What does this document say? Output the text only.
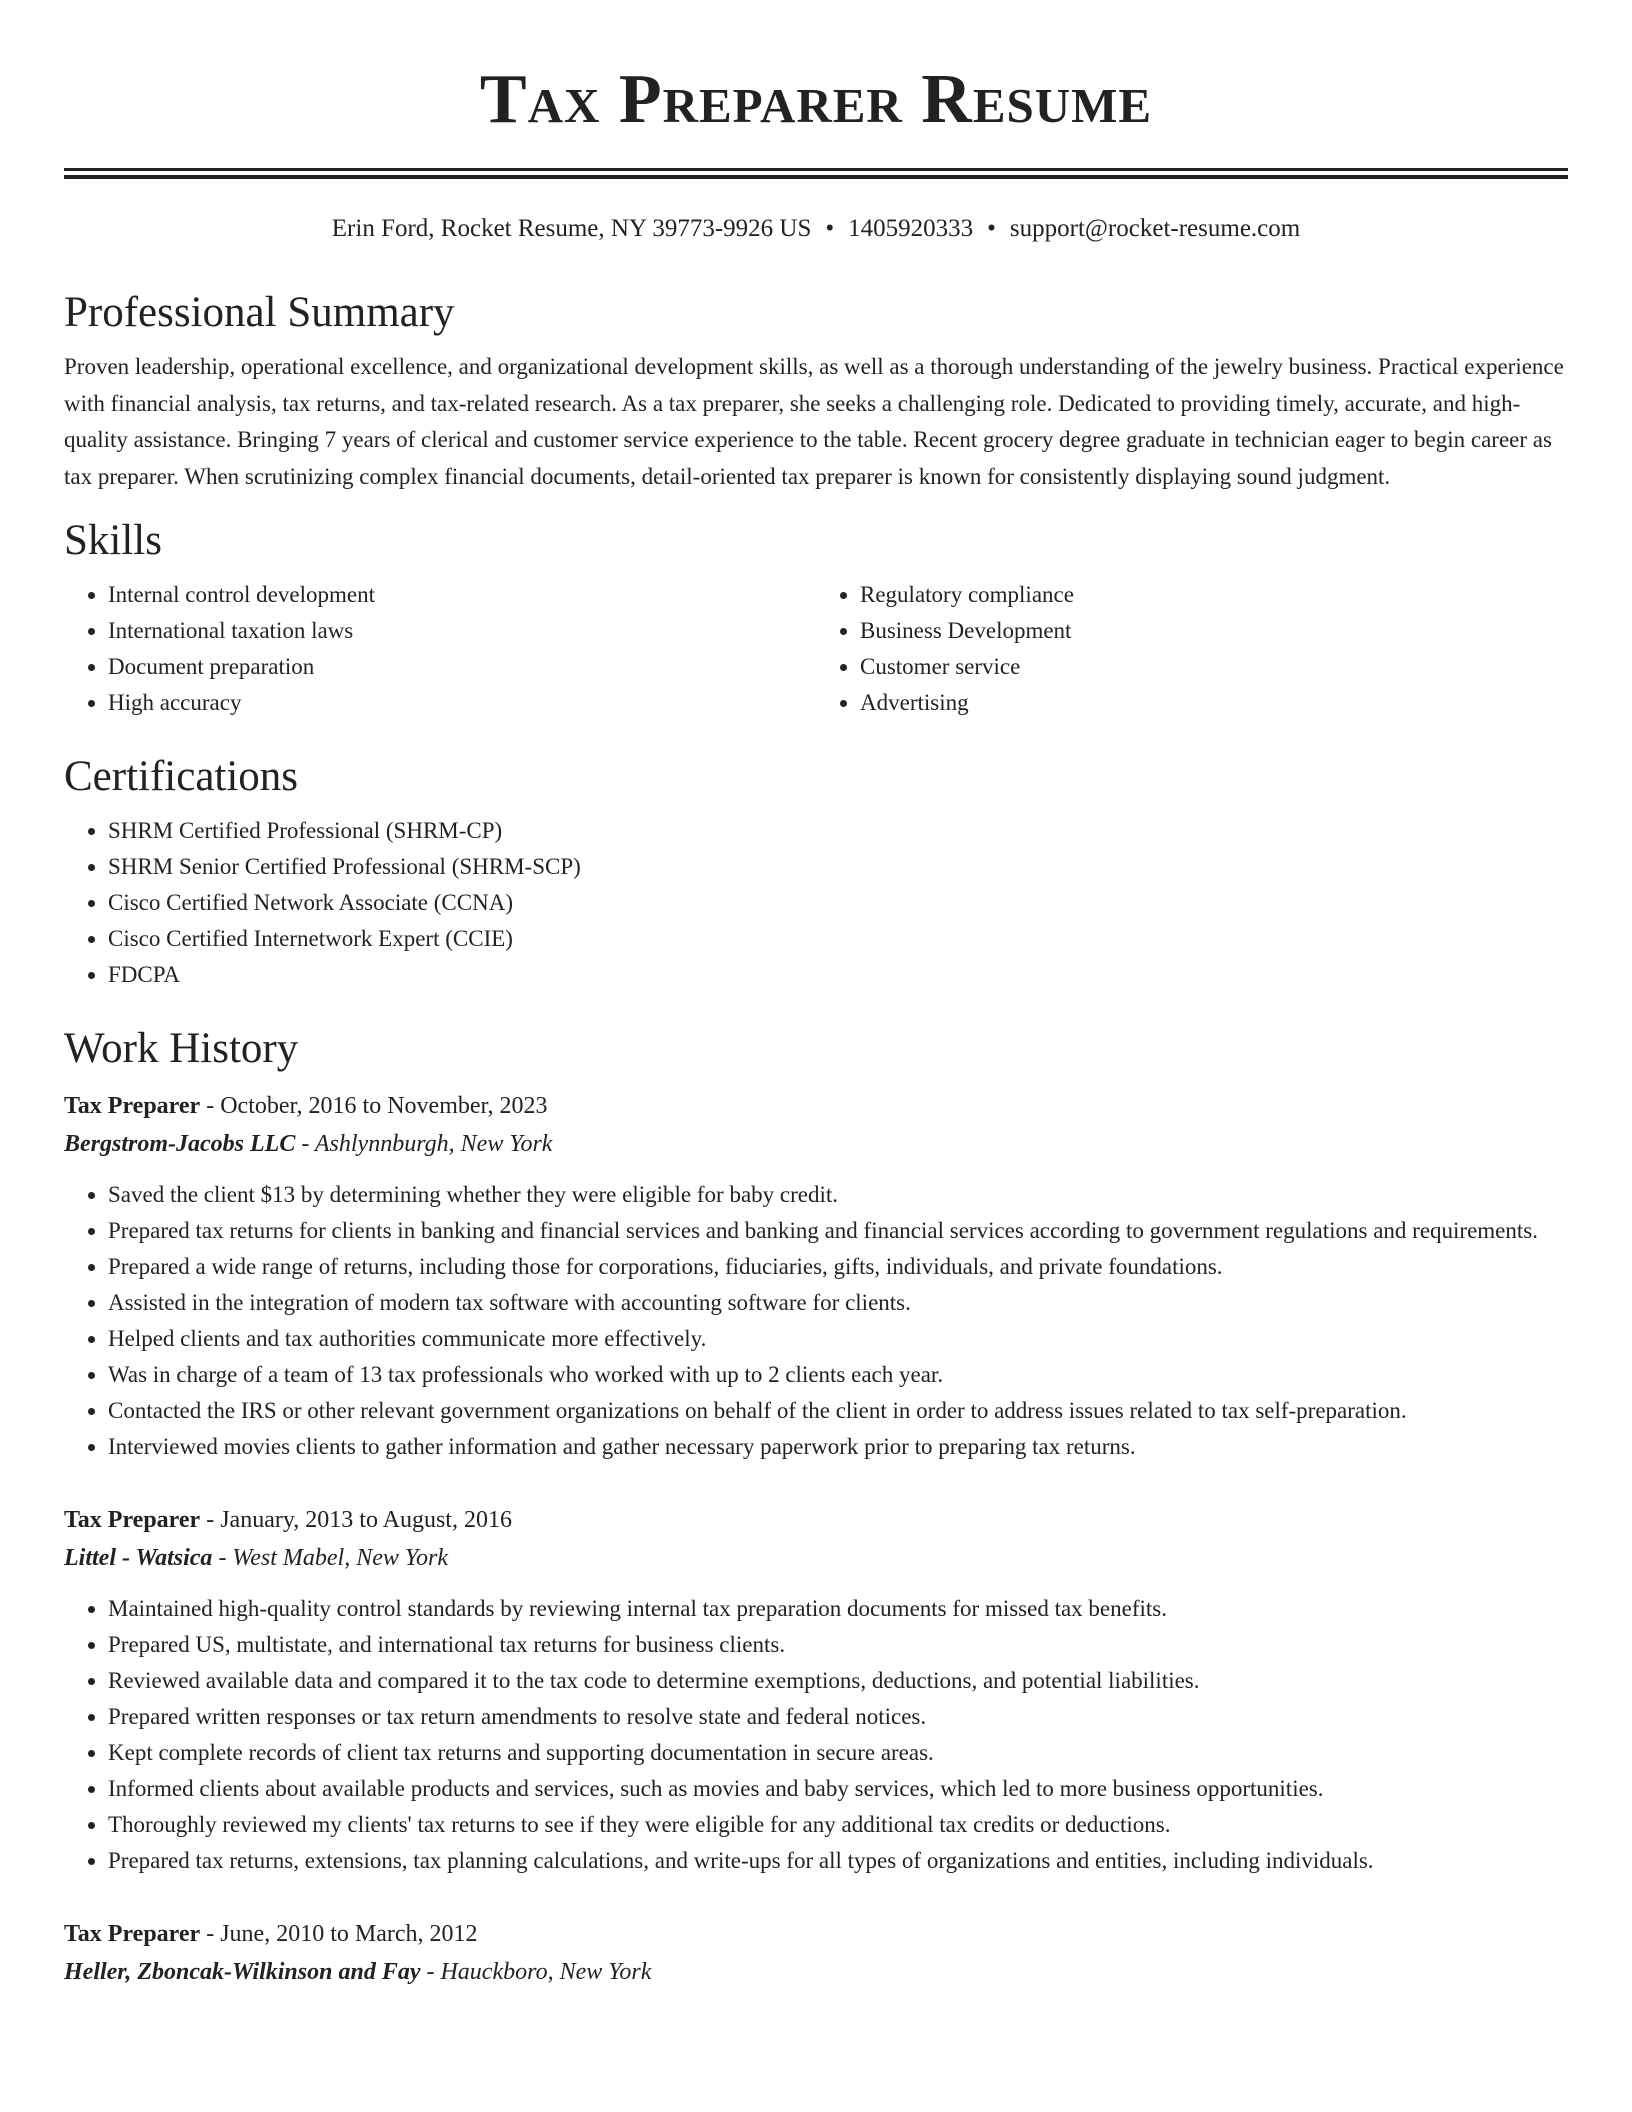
Tax Preparer Resume
Erin Ford, Rocket Resume, NY 39773-9926 US • 1405920333 • support@rocket-resume.com
Professional Summary

Proven leadership, operational excellence, and organizational development skills, as well as a thorough understanding of the jewelry business. Practical experience with financial analysis, tax returns, and tax-related research. As a tax preparer, she seeks a challenging role. Dedicated to providing timely, accurate, and high-quality assistance. Bringing 7 years of clerical and customer service experience to the table. Recent grocery degree graduate in technician eager to begin career as tax preparer. When scrutinizing complex financial documents, detail-oriented tax preparer is known for consistently displaying sound judgment.

Skills
• Internal control development
• International taxation laws
• Document preparation
• High accuracy
• Regulatory compliance
• Business Development
• Customer service
• Advertising
Certifications
• SHRM Certified Professional (SHRM-CP)
• SHRM Senior Certified Professional (SHRM-SCP)
• Cisco Certified Network Associate (CCNA)
• Cisco Certified Internetwork Expert (CCIE)
• FDCPA
Work History
Tax Preparer - October, 2016 to November, 2023
Bergstrom-Jacobs LLC - Ashlynnburgh, New York
• Saved the client $13 by determining whether they were eligible for baby credit.
• Prepared tax returns for clients in banking and financial services and banking and financial services according to government regulations and requirements.
• Prepared a wide range of returns, including those for corporations, fiduciaries, gifts, individuals, and private foundations.
• Assisted in the integration of modern tax software with accounting software for clients.
• Helped clients and tax authorities communicate more effectively.
• Was in charge of a team of 13 tax professionals who worked with up to 2 clients each year.
• Contacted the IRS or other relevant government organizations on behalf of the client in order to address issues related to tax self-preparation.
• Interviewed movies clients to gather information and gather necessary paperwork prior to preparing tax returns.
Tax Preparer - January, 2013 to August, 2016
Littel - Watsica - West Mabel, New York
• Maintained high-quality control standards by reviewing internal tax preparation documents for missed tax benefits.
• Prepared US, multistate, and international tax returns for business clients.
• Reviewed available data and compared it to the tax code to determine exemptions, deductions, and potential liabilities.
• Prepared written responses or tax return amendments to resolve state and federal notices.
• Kept complete records of client tax returns and supporting documentation in secure areas.
• Informed clients about available products and services, such as movies and baby services, which led to more business opportunities.
• Thoroughly reviewed my clients' tax returns to see if they were eligible for any additional tax credits or deductions.
• Prepared tax returns, extensions, tax planning calculations, and write-ups for all types of organizations and entities, including individuals.
Tax Preparer - June, 2010 to March, 2012
Heller, Zboncak-Wilkinson and Fay - Hauckboro, New York
